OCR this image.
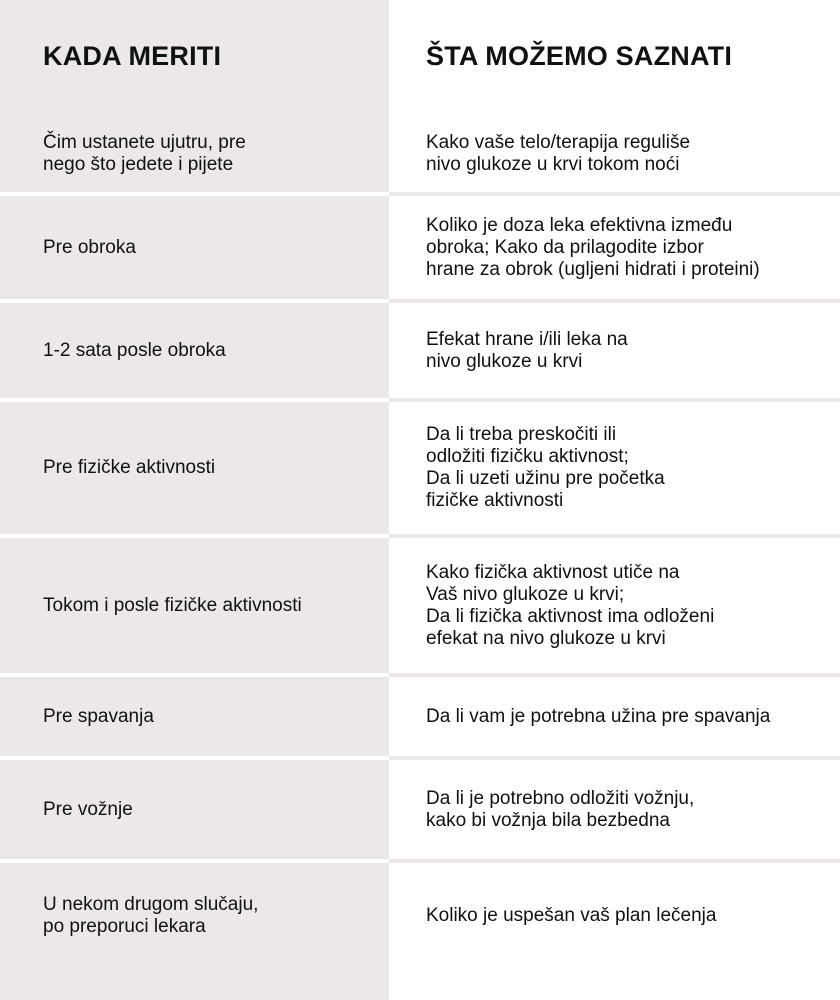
KADA MERITI	ŠTA MOŽEMO SAZNATI
Čim ustanete ujutru, pre
nego što jedete i pijete
Kako vaše telo/terapija reguliše
nivo glukoze u krvi tokom noći
Pre obroka
Koliko je doza leka efektivna između
obroka; Kako da prilagodite izbor
hrane za obrok (ugljeni hidrati i proteini)
1-2 sata posle obroka
Efekat hrane i/ili leka na
nivo glukoze u krvi
Pre fizičke aktivnosti
Da li treba preskočiti ili
odložiti fizičku aktivnost;
Da li uzeti užinu pre početka
fizičke aktivnosti
Tokom i posle fizičke aktivnosti
Kako fizička aktivnost utiče na
Vaš nivo glukoze u krvi;
Da li fizička aktivnost ima odloženi
efekat na nivo glukoze u krvi
Pre spavanja	Da li vam je potrebna užina pre spavanja
Pre vožnje
Da li je potrebno odložiti vožnju,
kako bi vožnja bila bezbedna
U nekom drugom slučaju,
po preporuci lekara
Koliko je uspešan vaš plan lečenja
